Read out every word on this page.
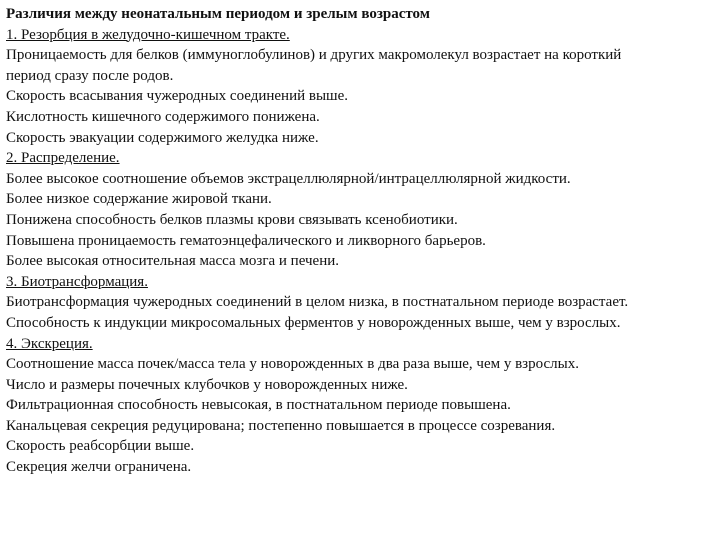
Различия между неонатальным периодом и зрелым возрастом
1. Резорбция в желудочно-кишечном тракте.
Проницаемость для белков (иммуноглобулинов) и других макромолекул возрастает на короткий
период сразу после родов.
Скорость всасывания чужеродных соединений выше.
Кислотность кишечного содержимого понижена.
Скорость эвакуации содержимого желудка ниже.
2. Распределение.
Более высокое соотношение объемов экстрацеллюлярной/интрацеллюлярной жидкости.
Более низкое содержание жировой ткани.
Понижена способность белков плазмы крови связывать ксенобиотики.
Повышена проницаемость гематоэнцефалического и ликворного барьеров.
Более высокая относительная масса мозга и печени.
3. Биотрансформация.
Биотрансформация чужеродных соединений в целом низка, в постнатальном периоде возрастает.
Способность к индукции микросомальных ферментов у новорожденных выше, чем у взрослых.
4. Экскреция.
Соотношение масса почек/масса тела у новорожденных в два раза выше, чем у взрослых.
Число и размеры почечных клубочков у новорожденных ниже.
Фильтрационная способность невысокая, в постнатальном периоде повышена.
Канальцевая секреция редуцирована; постепенно повышается в процессе созревания.
Скорость реабсорбции выше.
Секреция желчи ограничена.
